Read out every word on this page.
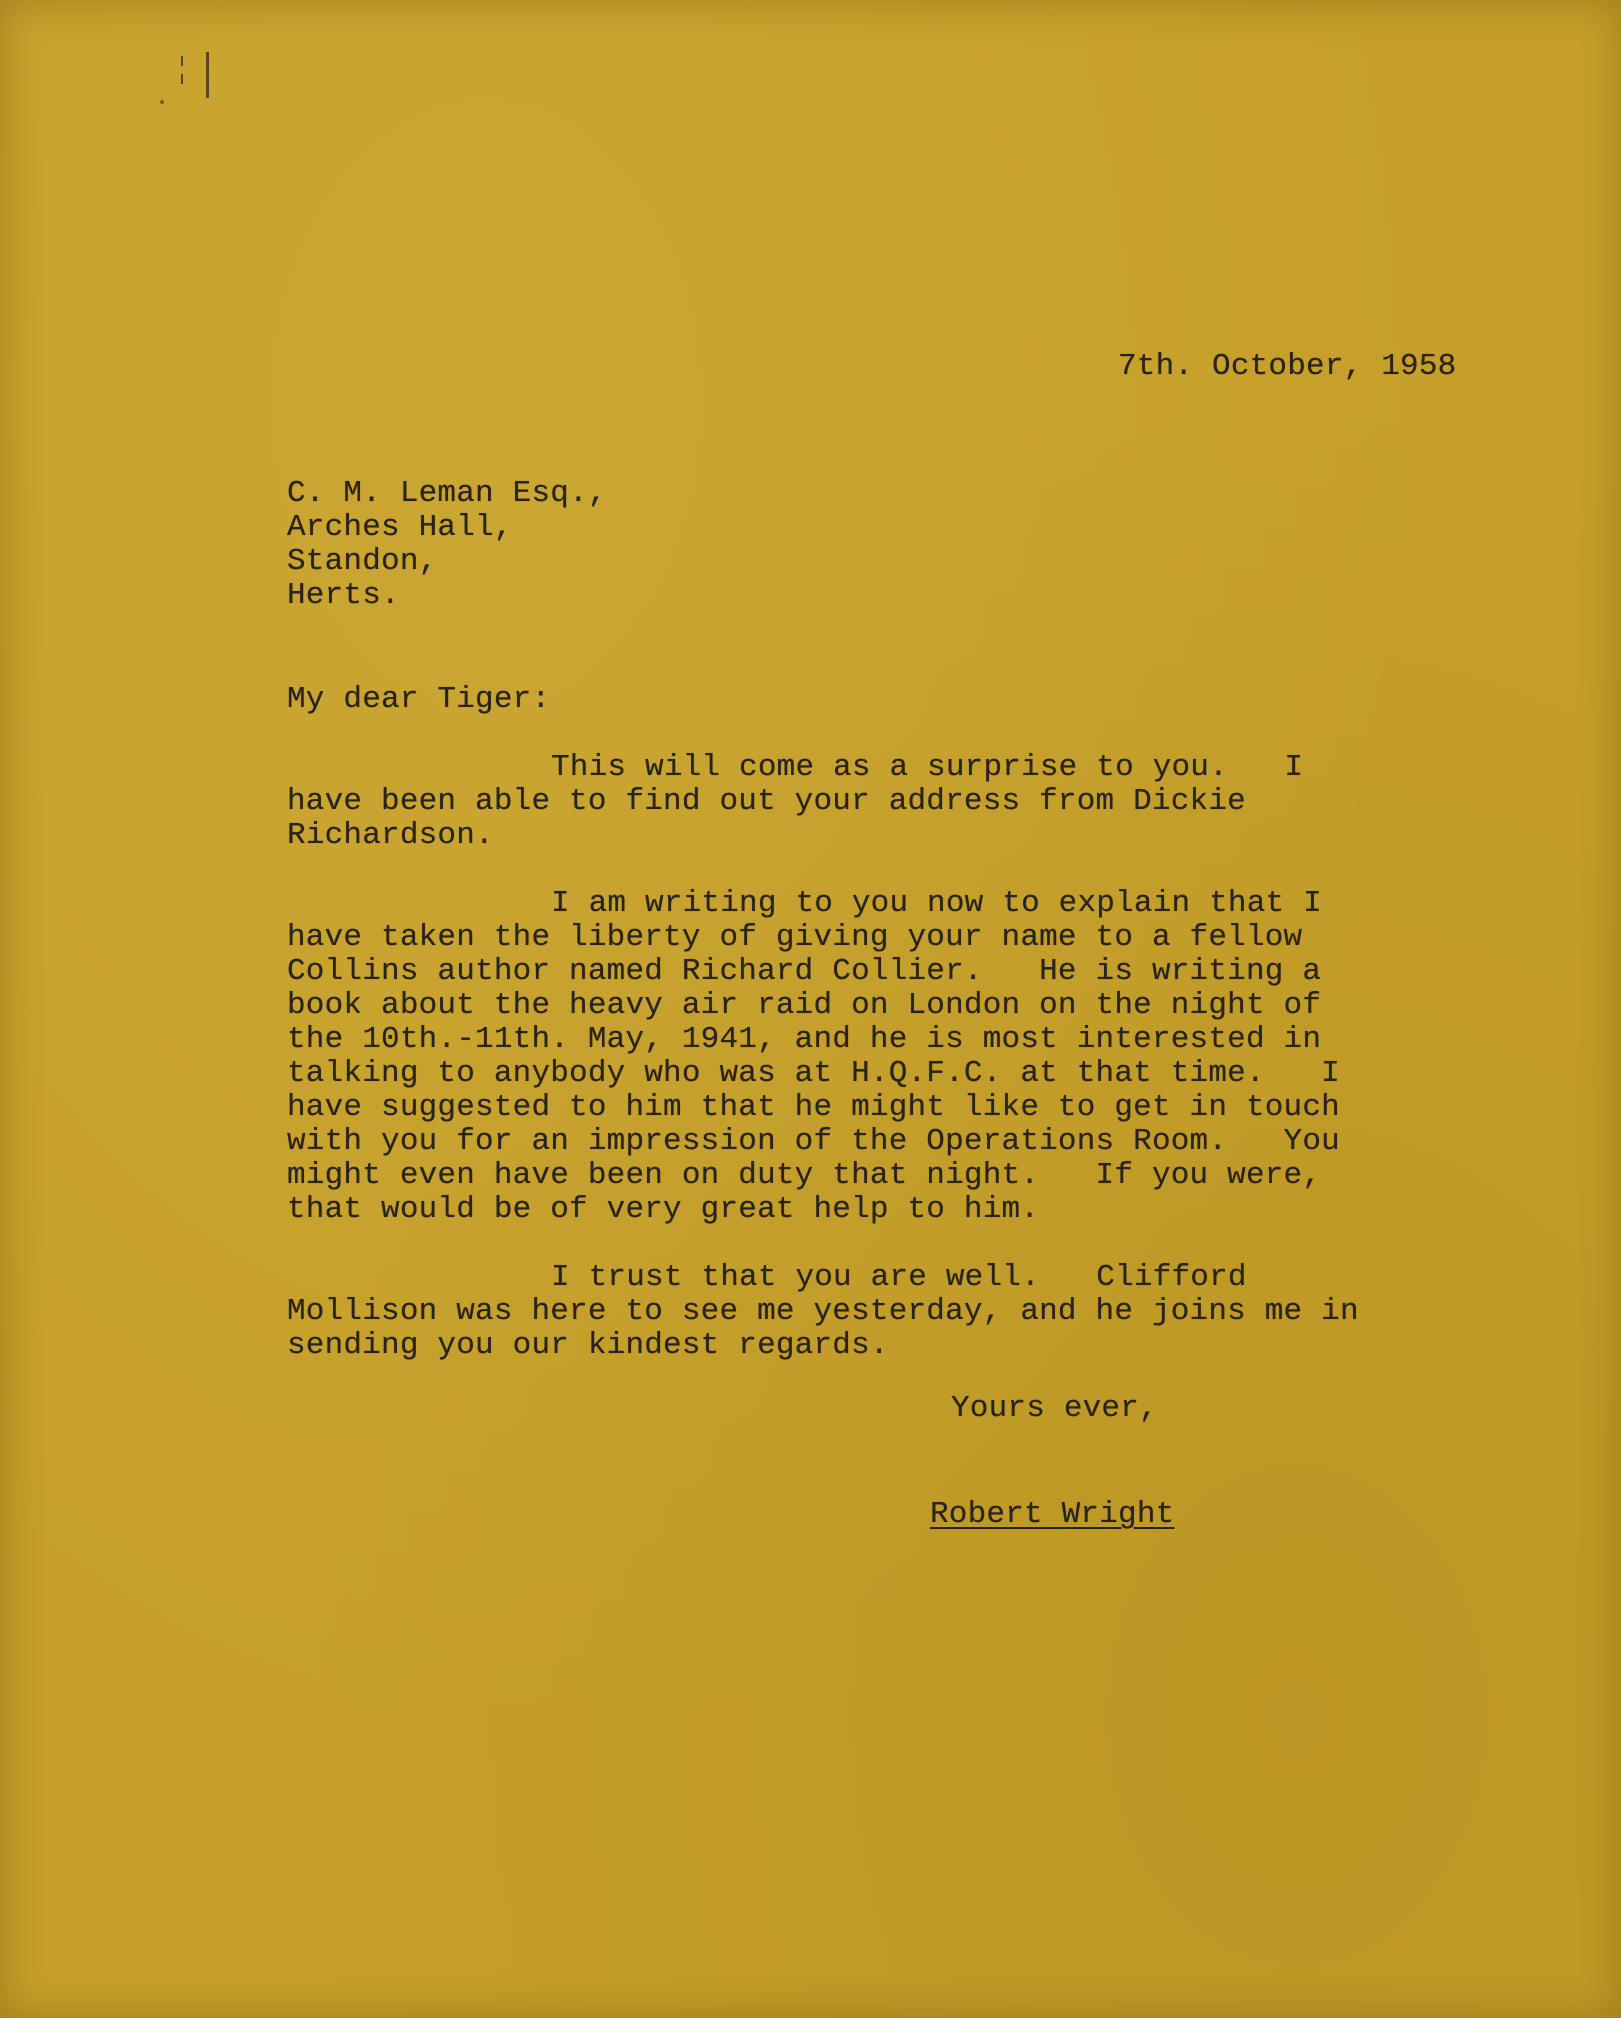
7th. October, 1958

C. M. Leman Esq.,

Arches Hall,

Standon,

Herts.

My dear Tiger:

This will come as a surprise to you.   I

have been able to find out your address from Dickie

Richardson.

I am writing to you now to explain that I

have taken the liberty of giving your name to a fellow

Collins author named Richard Collier.   He is writing a

book about the heavy air raid on London on the night of

the 10th.-11th. May, 1941, and he is most interested in

talking to anybody who was at H.Q.F.C. at that time.   I

have suggested to him that he might like to get in touch

with you for an impression of the Operations Room.   You

might even have been on duty that night.   If you were,

that would be of very great help to him.

I trust that you are well.   Clifford

Mollison was here to see me yesterday, and he joins me in

sending you our kindest regards.

Yours ever,

Robert Wright
